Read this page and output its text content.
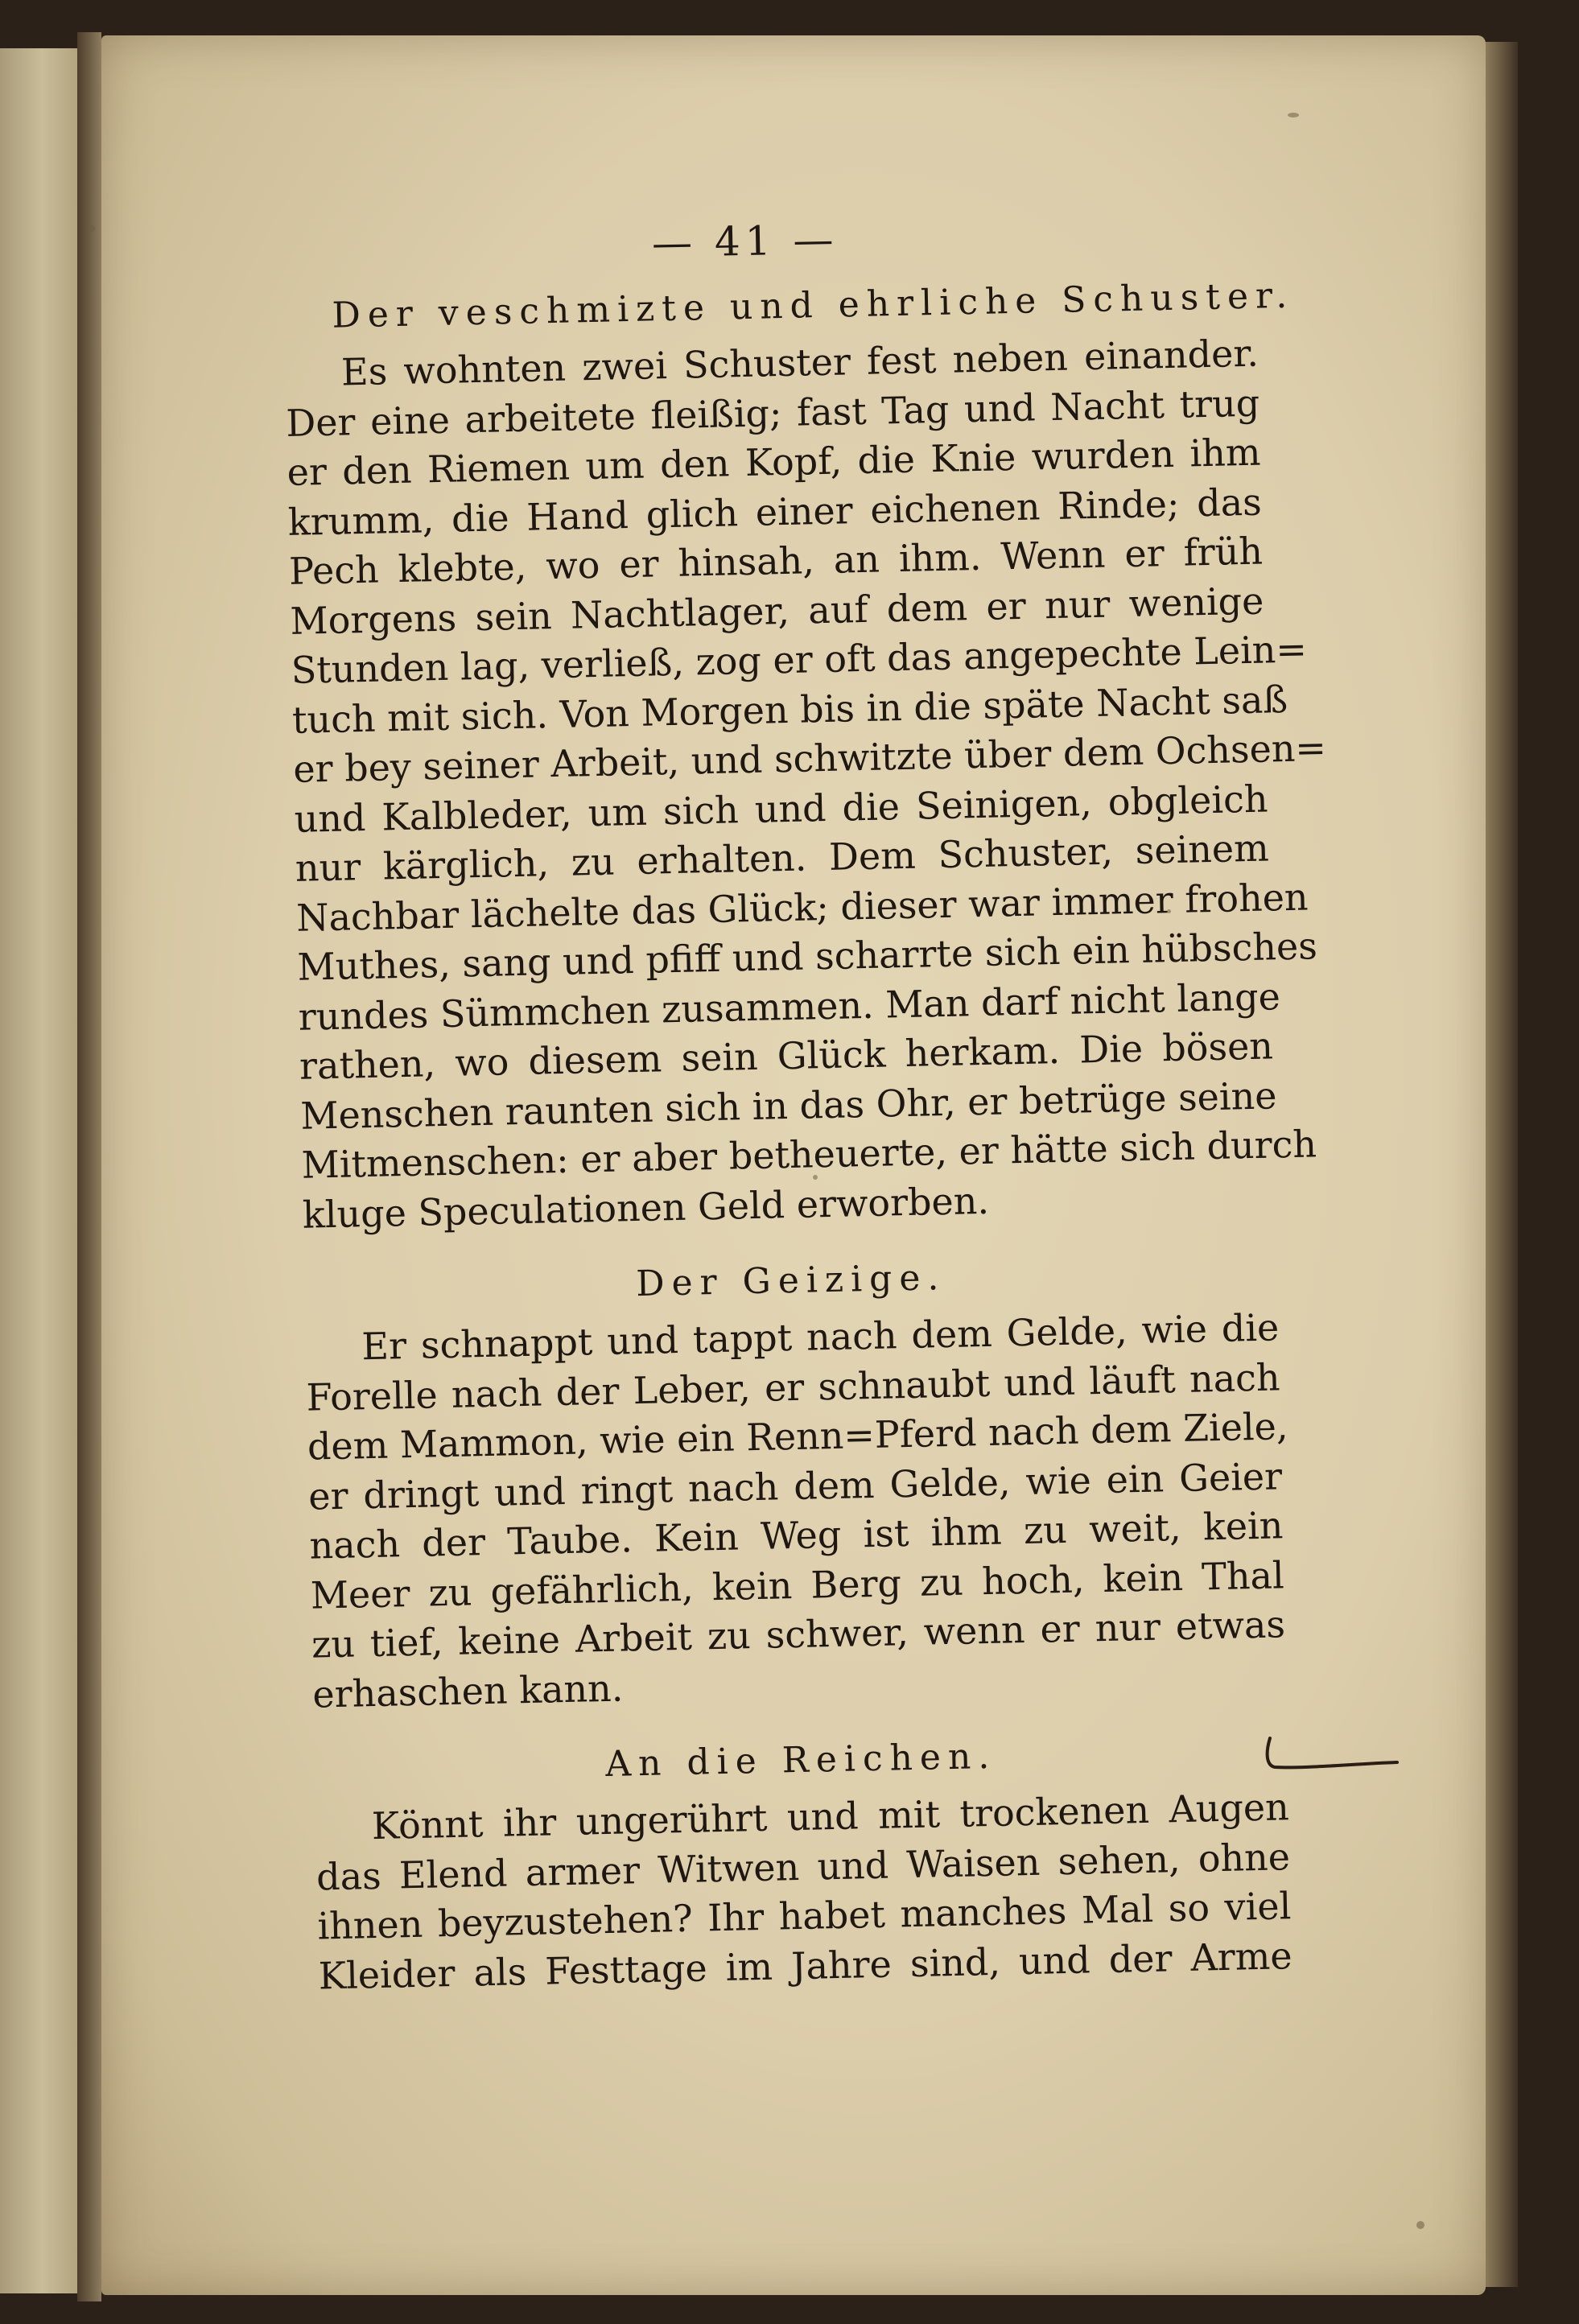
— 41 —
Der veschmizte und ehrliche Schuster.
Es wohnten zwei Schuster fest neben einander.
Der eine arbeitete fleißig; fast Tag und Nacht trug
er den Riemen um den Kopf, die Knie wurden ihm
krumm, die Hand glich einer eichenen Rinde; das
Pech klebte, wo er hinsah, an ihm. Wenn er früh
Morgens sein Nachtlager, auf dem er nur wenige
Stunden lag, verließ, zog er oft das angepechte Lein=
tuch mit sich. Von Morgen bis in die späte Nacht saß
er bey seiner Arbeit, und schwitzte über dem Ochsen=
und Kalbleder, um sich und die Seinigen, obgleich
nur kärglich, zu erhalten. Dem Schuster, seinem
Nachbar lächelte das Glück; dieser war immer frohen
Muthes, sang und pfiff und scharrte sich ein hübsches
rundes Sümmchen zusammen. Man darf nicht lange
rathen, wo diesem sein Glück herkam. Die bösen
Menschen raunten sich in das Ohr, er betrüge seine
Mitmenschen: er aber betheuerte, er hätte sich durch
kluge Speculationen Geld erworben.
Der Geizige.
Er schnappt und tappt nach dem Gelde, wie die
Forelle nach der Leber, er schnaubt und läuft nach
dem Mammon, wie ein Renn=Pferd nach dem Ziele,
er dringt und ringt nach dem Gelde, wie ein Geier
nach der Taube. Kein Weg ist ihm zu weit, kein
Meer zu gefährlich, kein Berg zu hoch, kein Thal
zu tief, keine Arbeit zu schwer, wenn er nur etwas
erhaschen kann.
An die Reichen.
Könnt ihr ungerührt und mit trockenen Augen
das Elend armer Witwen und Waisen sehen, ohne
ihnen beyzustehen? Ihr habet manches Mal so viel
Kleider als Festtage im Jahre sind, und der Arme
